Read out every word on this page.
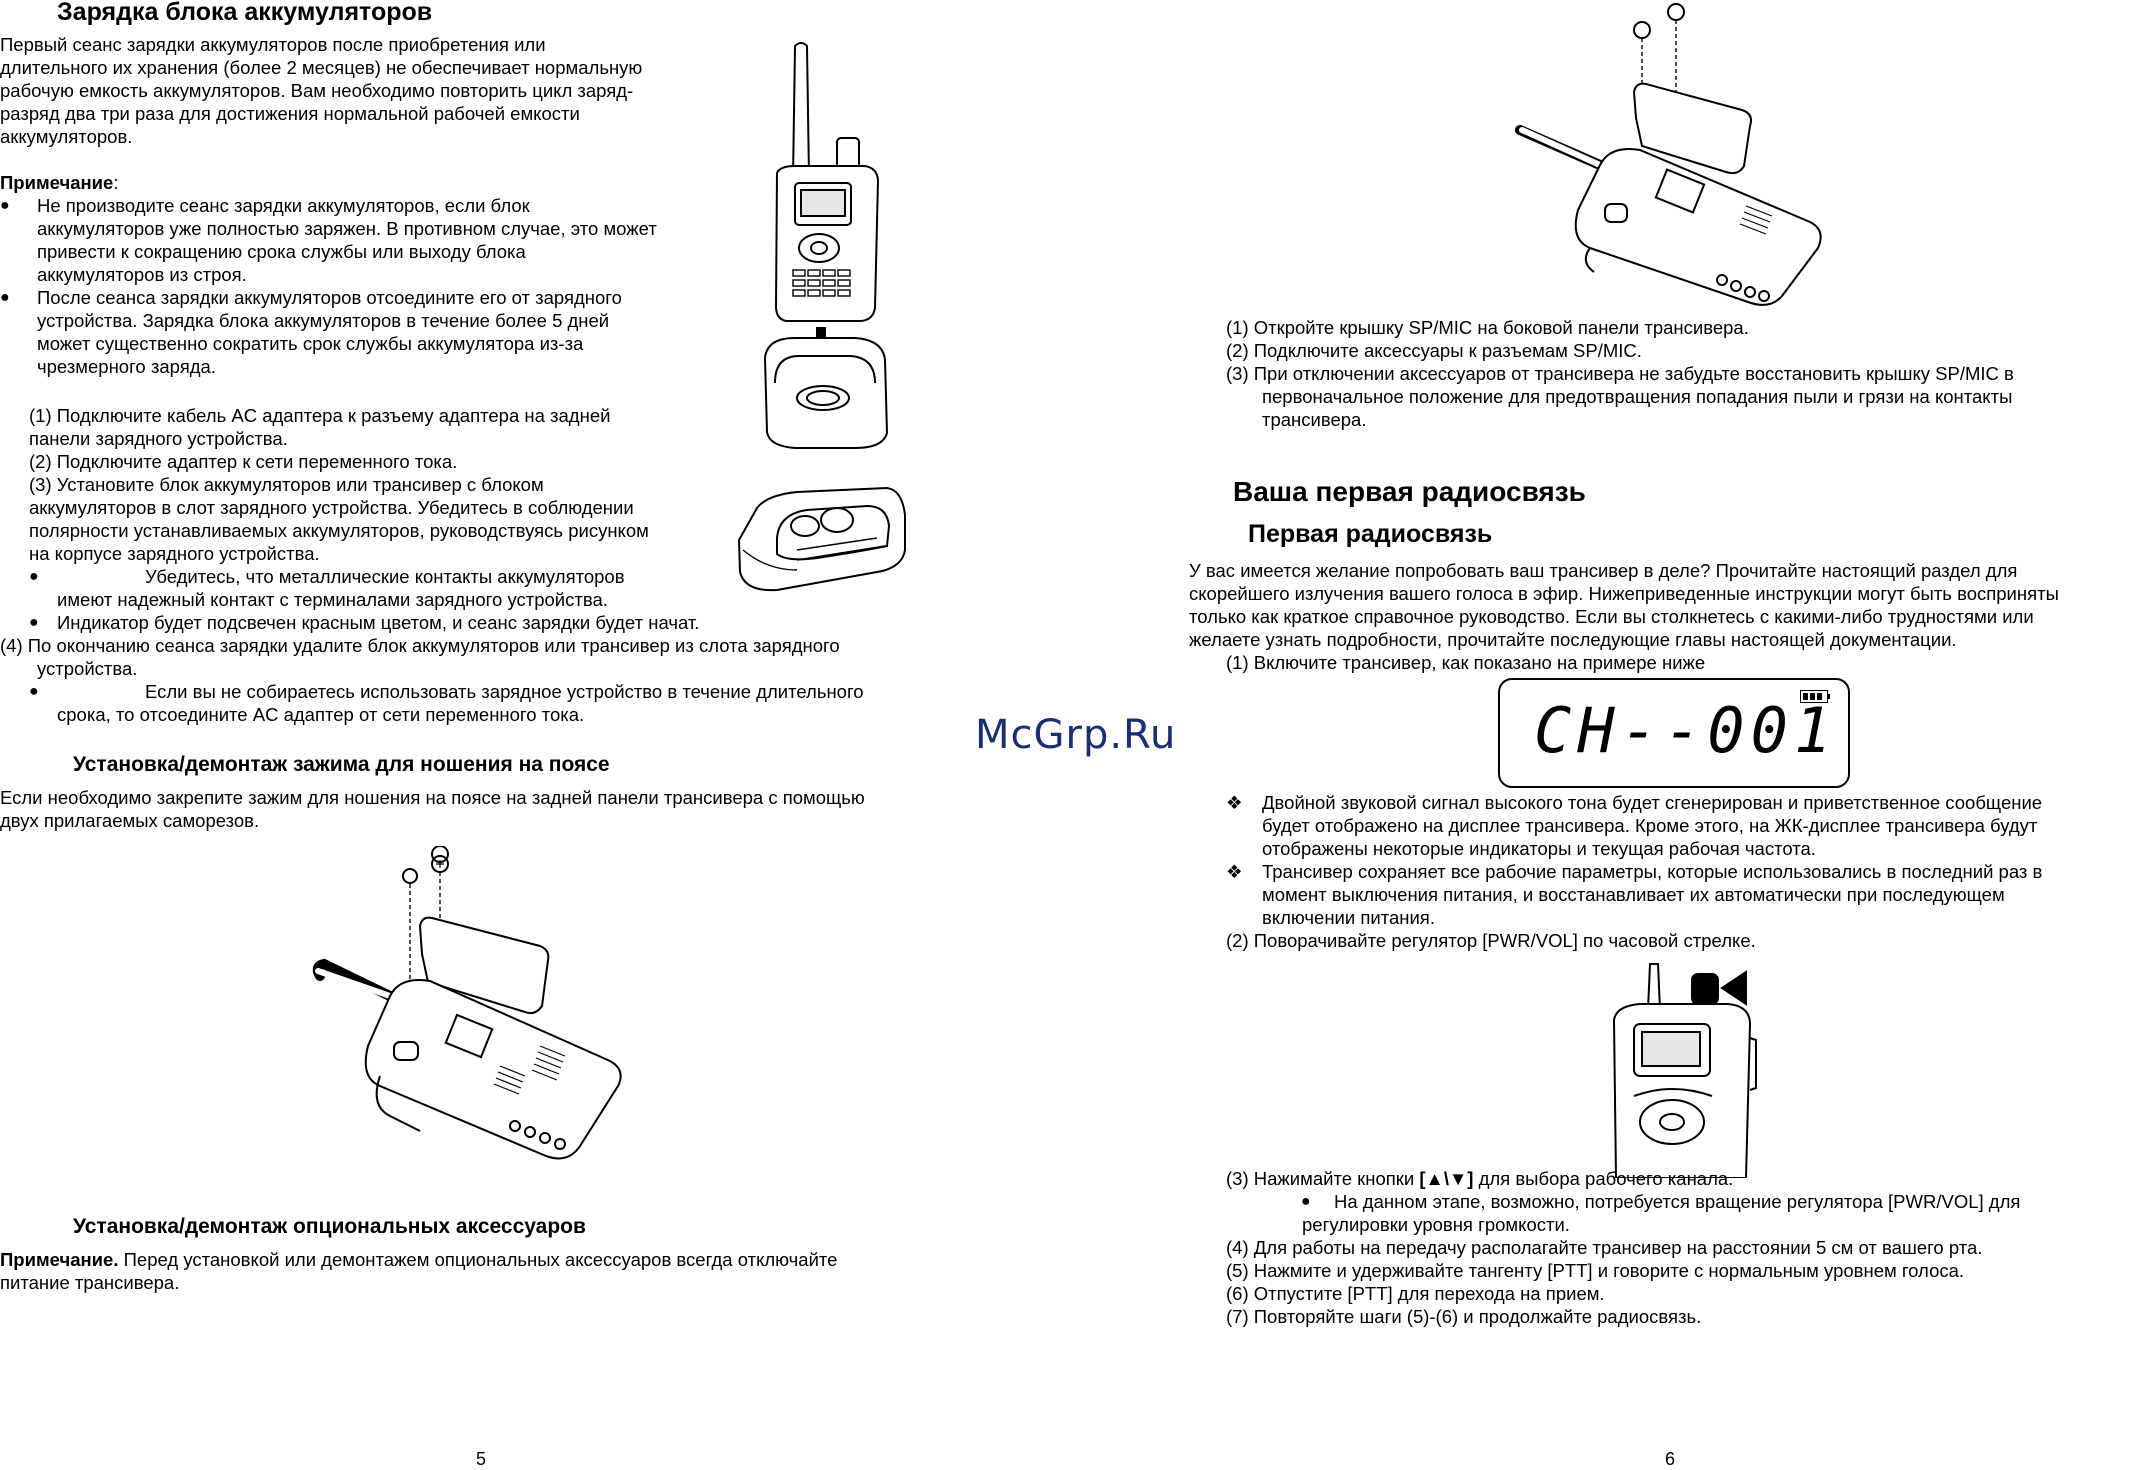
Зарядка блока аккумуляторов
Первый сеанс зарядки аккумуляторов после приобретения или
длительного их хранения (более 2 месяцев) не обеспечивает нормальную
рабочую емкость аккумуляторов. Вам необходимо повторить цикл заряд-
разряд два три раза для достижения нормальной рабочей емкости
аккумуляторов.
Примечание:
● Не производите сеанс зарядки аккумуляторов, если блок
аккумуляторов уже полностью заряжен. В противном случае, это может
привести к сокращению срока службы или выходу блока
аккумуляторов из строя.
● После сеанса зарядки аккумуляторов отсоедините его от зарядного
устройства. Зарядка блока аккумуляторов в течение более 5 дней
может существенно сократить срок службы аккумулятора из-за
чрезмерного заряда.
(1) Подключите кабель AC адаптера к разъему адаптера на задней
панели зарядного устройства.
(2) Подключите адаптер к сети переменного тока.
(3) Установите блок аккумуляторов или трансивер с блоком
аккумуляторов в слот зарядного устройства. Убедитесь в соблюдении
полярности устанавливаемых аккумуляторов, руководствуясь рисунком
на корпусе зарядного устройства.
●	Убедитесь, что металлические контакты аккумуляторов
имеют надежный контакт с терминалами зарядного устройства.
● Индикатор будет подсвечен красным цветом, и сеанс зарядки будет начат.
(4) По окончанию сеанса зарядки удалите блок аккумуляторов или трансивер из слота зарядного
устройства.
●	Если вы не собираетесь использовать зарядное устройство в течение длительного
срока, то отсоедините AC адаптер от сети переменного тока.
Установка/демонтаж зажима для ношения на поясе
Если необходимо закрепите зажим для ношения на поясе на задней панели трансивера с помощью
двух прилагаемых саморезов.
Установка/демонтаж опциональных аксессуаров
Примечание. Перед установкой или демонтажем опциональных аксессуаров всегда отключайте
питание трансивера.
5
McGrp.Ru
(1) Откройте крышку SP/MIC на боковой панели трансивера.
(2) Подключите аксессуары к разъемам SP/MIC.
(3) При отключении аксессуаров от трансивера не забудьте восстановить крышку SP/MIC в
первоначальное положение для предотвращения попадания пыли и грязи на контакты
трансивера.
Ваша первая радиосвязь
Первая радиосвязь
У вас имеется желание попробовать ваш трансивер в деле? Прочитайте настоящий раздел для
скорейшего излучения вашего голоса в эфир. Нижеприведенные инструкции могут быть восприняты
только как краткое справочное руководство. Если вы столкнетесь с какими-либо трудностями или
желаете узнать подробности, прочитайте последующие главы настоящей документации.
(1) Включите трансивер, как показано на примере ниже
CH--001
❖ Двойной звуковой сигнал высокого тона будет сгенерирован и приветственное сообщение
будет отображено на дисплее трансивера. Кроме этого, на ЖК-дисплее трансивера будут
отображены некоторые индикаторы и текущая рабочая частота.
❖ Трансивер сохраняет все рабочие параметры, которые использовались в последний раз в
момент выключения питания, и восстанавливает их автоматически при последующем
включении питания.
(2) Поворачивайте регулятор [PWR/VOL] по часовой стрелке.
(3) Нажимайте кнопки [▲\▼] для выбора рабочего канала.
● На данном этапе, возможно, потребуется вращение регулятора [PWR/VOL] для
регулировки уровня громкости.
(4) Для работы на передачу располагайте трансивер на расстоянии 5 см от вашего рта.
(5) Нажмите и удерживайте тангенту [PTT] и говорите с нормальным уровнем голоса.
(6) Отпустите [PTT] для перехода на прием.
(7) Повторяйте шаги (5)-(6) и продолжайте радиосвязь.
6
